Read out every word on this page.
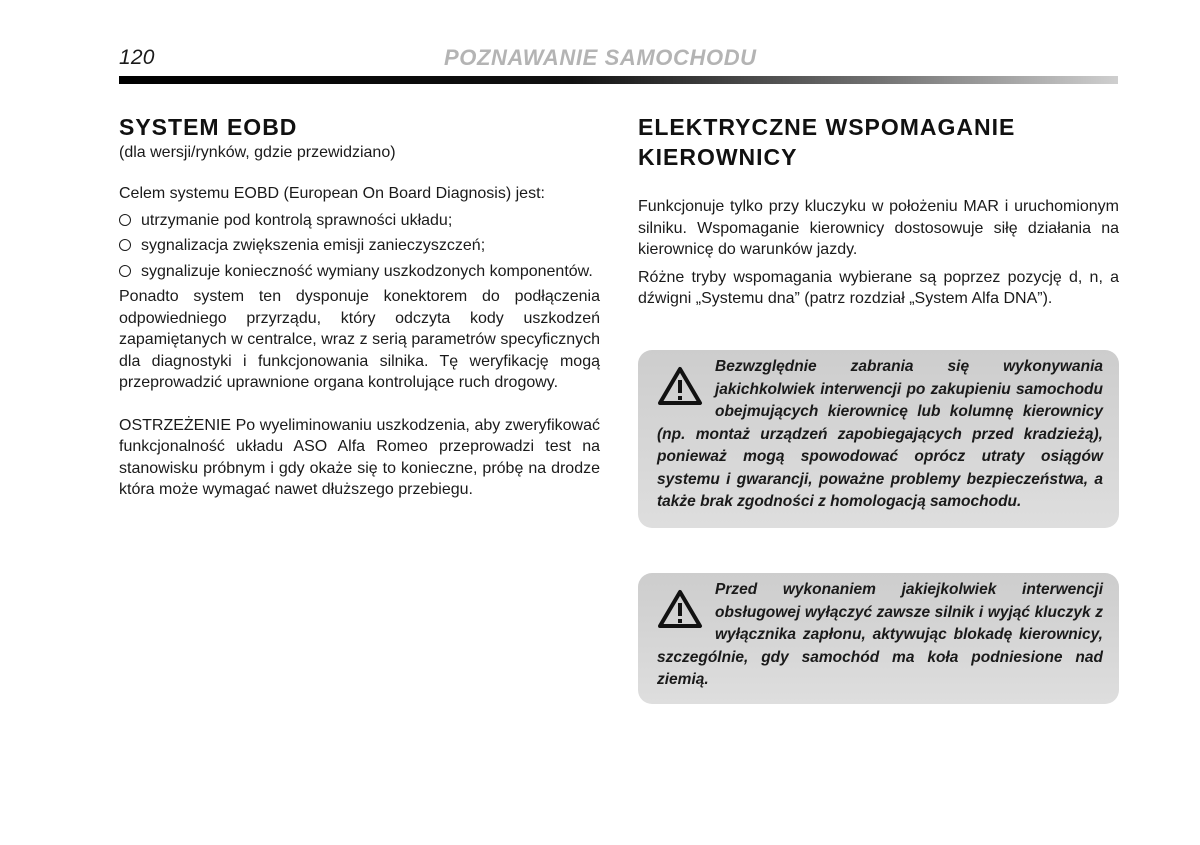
120	POZNAWANIE SAMOCHODU
SYSTEM EOBD

(dla wersji/rynków, gdzie przewidziano)

Celem systemu EOBD (European On Board Diagnosis) jest:

utrzymanie pod kontrolą sprawności układu;
sygnalizacja zwiększenia emisji zanieczyszczeń;
sygnalizuje konieczność wymiany uszkodzonych komponentów.

Ponadto system ten dysponuje konektorem do podłączenia odpowiedniego przyrządu, który odczyta kody uszkodzeń zapamiętanych w centralce, wraz z serią parametrów specyficznych dla diagnostyki i funkcjonowania silnika. Tę weryfikację mogą przeprowadzić uprawnione organa kontrolujące ruch drogowy.

OSTRZEŻENIE Po wyeliminowaniu uszkodzenia, aby zweryfikować funkcjonalność układu ASO Alfa Romeo przeprowadzi test na stanowisku próbnym i gdy okaże się to konieczne, próbę na drodze która może wymagać nawet dłuższego przebiegu.

ELEKTRYCZNE WSPOMAGANIE
KIEROWNICY

Funkcjonuje tylko przy kluczyku w położeniu MAR i uruchomionym silniku. Wspomaganie kierownicy dostosowuje siłę działania na kierownicę do warunków jazdy.

Różne tryby wspomagania wybierane są poprzez pozycję d, n, a dźwigni „Systemu dna” (patrz rozdział „System Alfa DNA”).

Bezwzględnie zabrania się wykonywania jakichkolwiek interwencji po zakupieniu samochodu obejmujących kierownicę lub kolumnę kierownicy (np. montaż urządzeń zapobiegających przed kradzieżą), ponieważ mogą spowodować oprócz utraty osiągów systemu i gwarancji, poważne problemy bezpieczeństwa, a także brak zgodności z homologacją samochodu.
Przed wykonaniem jakiejkolwiek interwencji obsługowej wyłączyć zawsze silnik i wyjąć kluczyk z wyłącznika zapłonu, aktywując blokadę kierownicy, szczególnie, gdy samochód ma koła podniesione nad ziemią.
